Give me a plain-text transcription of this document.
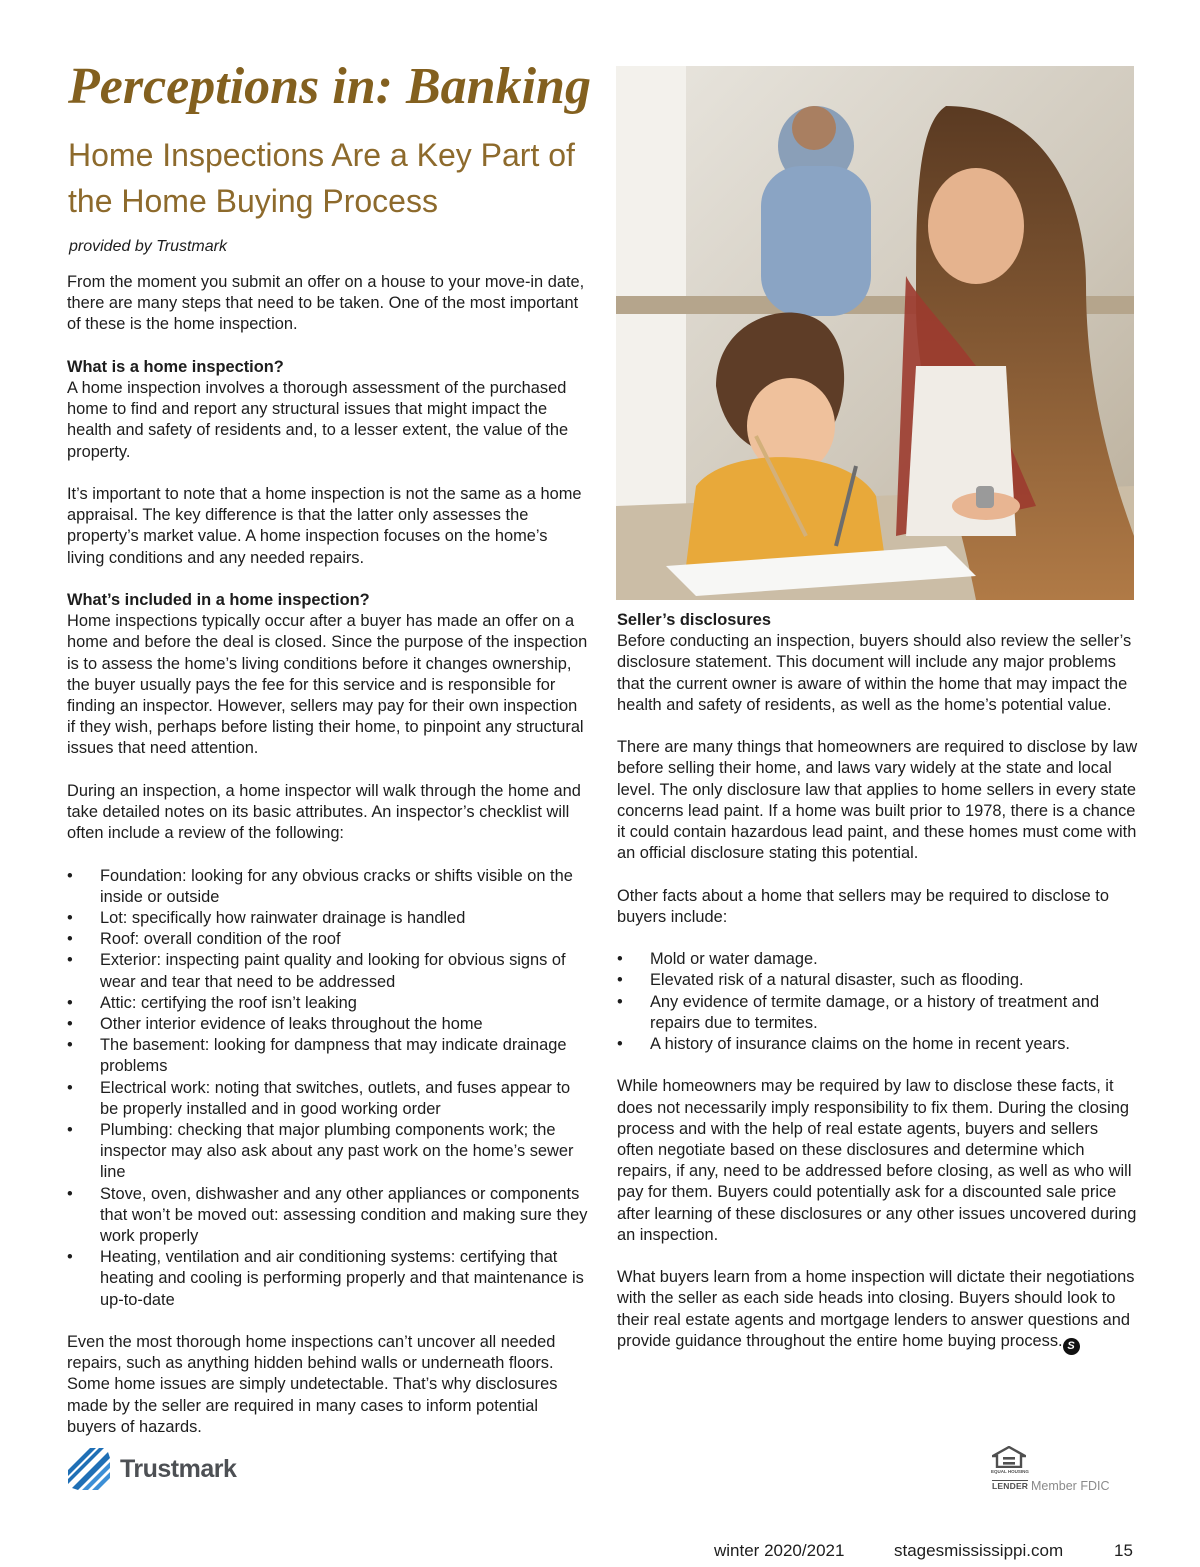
Perceptions in: Banking
Home Inspections Are a Key Part of the Home Buying Process

provided by Trustmark

From the moment you submit an offer on a house to your move-in date, there are many steps that need to be taken. One of the most important of these is the home inspection.

What is a home inspection?

A home inspection involves a thorough assessment of the purchased home to find and report any structural issues that might impact the health and safety of residents and, to a lesser extent, the value of the property.

It’s important to note that a home inspection is not the same as a home appraisal. The key difference is that the latter only assesses the property’s market value. A home inspection focuses on the home’s living conditions and any needed repairs.

What’s included in a home inspection?

Home inspections typically occur after a buyer has made an offer on a home and before the deal is closed. Since the purpose of the inspection is to assess the home’s living conditions before it changes ownership, the buyer usually pays the fee for this service and is responsible for finding an inspector. However, sellers may pay for their own inspection if they wish, perhaps before listing their home, to pinpoint any structural issues that need attention.

During an inspection, a home inspector will walk through the home and take detailed notes on its basic attributes. An inspector’s checklist will often include a review of the following:

• Foundation: looking for any obvious cracks or shifts visible on the inside or outside
• Lot: specifically how rainwater drainage is handled
• Roof: overall condition of the roof
• Exterior: inspecting paint quality and looking for obvious signs of wear and tear that need to be addressed
• Attic: certifying the roof isn’t leaking
• Other interior evidence of leaks throughout the home
• The basement: looking for dampness that may indicate drainage problems
• Electrical work: noting that switches, outlets, and fuses appear to be properly installed and in good working order
• Plumbing: checking that major plumbing components work; the inspector may also ask about any past work on the home’s sewer line
• Stove, oven, dishwasher and any other appliances or components that won’t be moved out: assessing condition and making sure they work properly
• Heating, ventilation and air conditioning systems: certifying that heating and cooling is performing properly and that maintenance is up-to-date

Even the most thorough home inspections can’t uncover all needed repairs, such as anything hidden behind walls or underneath floors. Some home issues are simply undetectable. That’s why disclosures made by the seller are required in many cases to inform potential buyers of hazards.

Seller’s disclosures

Before conducting an inspection, buyers should also review the seller’s disclosure statement. This document will include any major problems that the current owner is aware of within the home that may impact the health and safety of residents, as well as the home’s potential value.

There are many things that homeowners are required to disclose by law before selling their home, and laws vary widely at the state and local level. The only disclosure law that applies to home sellers in every state concerns lead paint. If a home was built prior to 1978, there is a chance it could contain hazardous lead paint, and these homes must come with an official disclosure stating this potential.

Other facts about a home that sellers may be required to disclose to buyers include:

• Mold or water damage.
• Elevated risk of a natural disaster, such as flooding.
• Any evidence of termite damage, or a history of treatment and repairs due to termites.
• A history of insurance claims on the home in recent years.

While homeowners may be required by law to disclose these facts, it does not necessarily imply responsibility to fix them. During the closing process and with the help of real estate agents, buyers and sellers often negotiate based on these disclosures and determine which repairs, if any, need to be addressed before closing, as well as who will pay for them. Buyers could potentially ask for a discounted sale price after learning of these disclosures or any other issues uncovered during an inspection.

What buyers learn from a home inspection will dictate their negotiations with the seller as each side heads into closing. Buyers should look to their real estate agents and mortgage lenders to answer questions and provide guidance throughout the entire home buying process. S

Trustmark	EQUAL HOUSING
LENDER Member FDIC
winter 2020/2021	stagesmississippi.com	15
